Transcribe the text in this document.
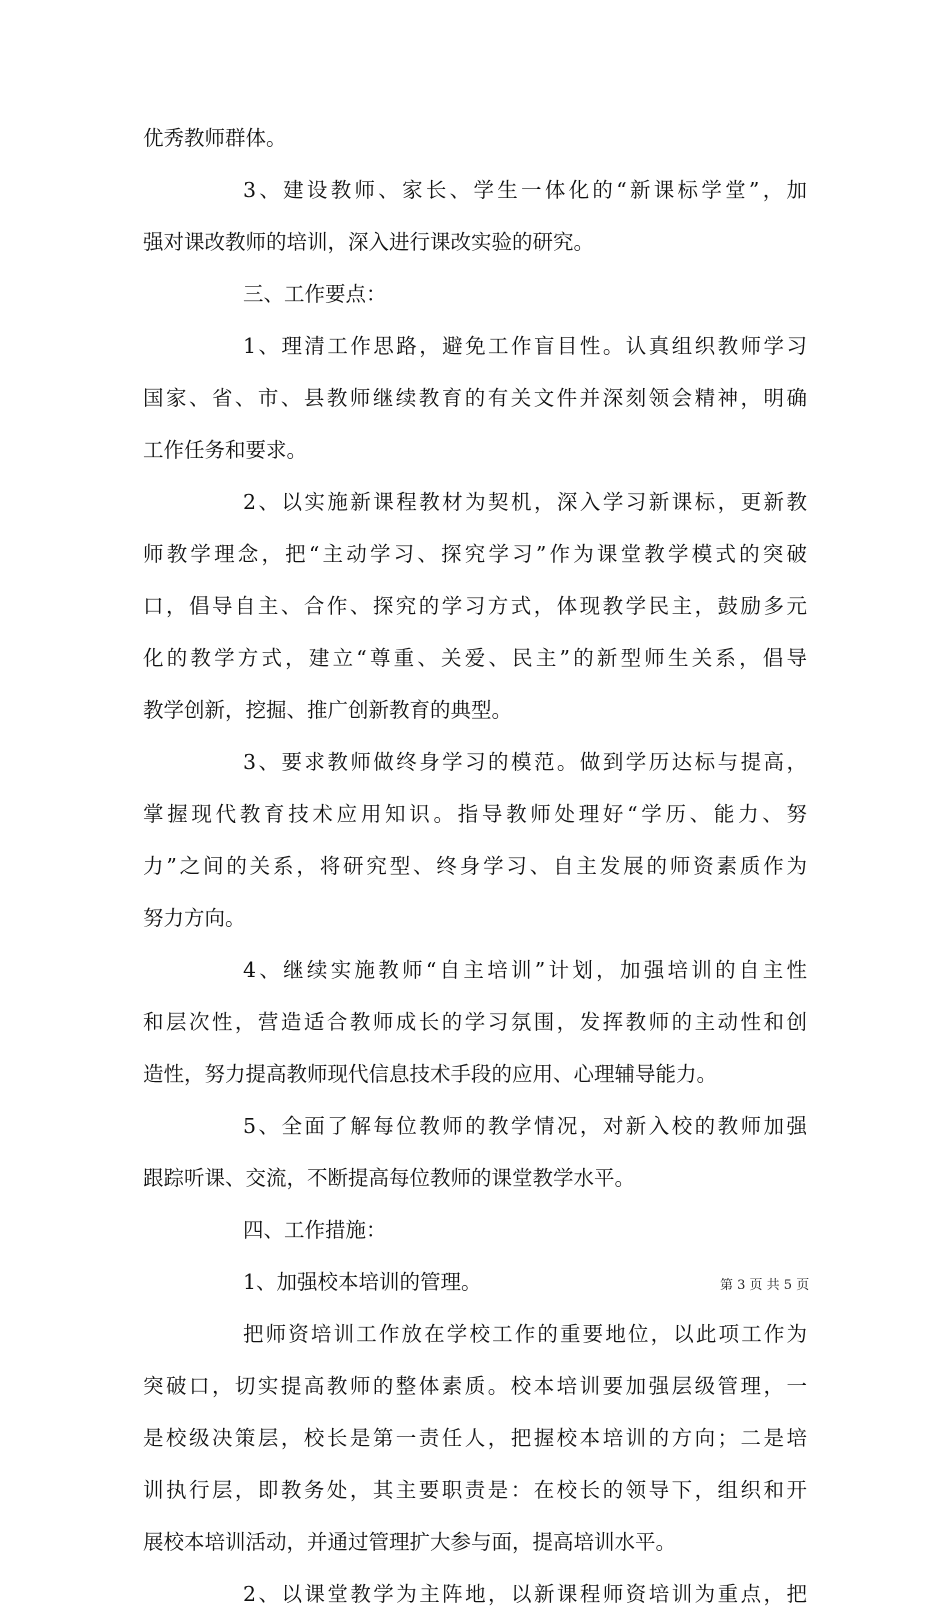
优秀教师群体。
3、建设教师、家长、学生一体化的“新课标学堂”，加
强对课改教师的培训，深入进行课改实验的研究。
三、工作要点：
1、理清工作思路，避免工作盲目性。认真组织教师学习
国家、省、市、县教师继续教育的有关文件并深刻领会精神，明确
工作任务和要求。
2、以实施新课程教材为契机，深入学习新课标，更新教
师教学理念，把“主动学习、探究学习”作为课堂教学模式的突破
口，倡导自主、合作、探究的学习方式，体现教学民主，鼓励多元
化的教学方式，建立“尊重、关爱、民主”的新型师生关系，倡导
教学创新，挖掘、推广创新教育的典型。
3、要求教师做终身学习的模范。做到学历达标与提高，
掌握现代教育技术应用知识。指导教师处理好“学历、能力、努
力”之间的关系，将研究型、终身学习、自主发展的师资素质作为
努力方向。
4、继续实施教师“自主培训”计划，加强培训的自主性
和层次性，营造适合教师成长的学习氛围，发挥教师的主动性和创
造性，努力提高教师现代信息技术手段的应用、心理辅导能力。
5、全面了解每位教师的教学情况，对新入校的教师加强
跟踪听课、交流，不断提高每位教师的课堂教学水平。
四、工作措施：
1、加强校本培训的管理。
把师资培训工作放在学校工作的重要地位，以此项工作为
突破口，切实提高教师的整体素质。校本培训要加强层级管理，一
是校级决策层，校长是第一责任人，把握校本培训的方向；二是培
训执行层，即教务处，其主要职责是：在校长的领导下，组织和开
展校本培训活动，并通过管理扩大参与面，提高培训水平。
2、以课堂教学为主阵地，以新课程师资培训为重点，把
第 3 页 共 5 页
